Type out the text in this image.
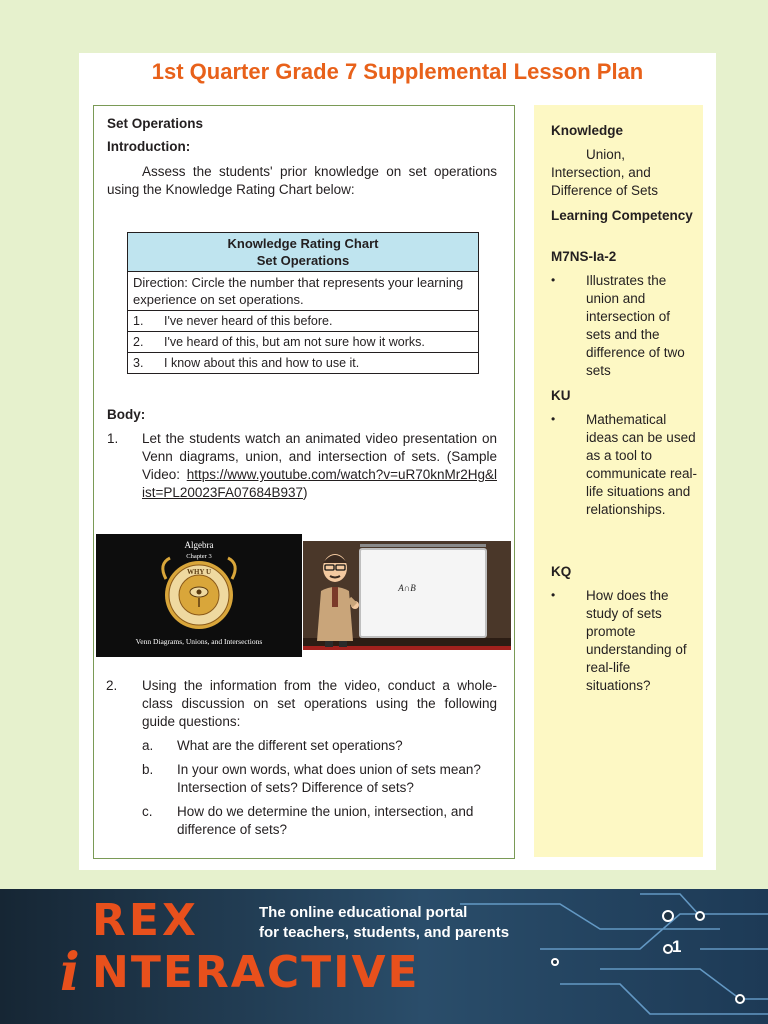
1st Quarter Grade 7 Supplemental Lesson Plan
Set Operations
Introduction:
Assess the students' prior knowledge on set operations using the Knowledge Rating Chart below:
Knowledge Rating Chart
Set Operations
Direction: Circle the number that represents your learning experience on set operations.
1.	I've never heard of this before.
2.	I've heard of this, but am not sure how it works.
3.	I know about this and how to use it.
Body:
1. Let the students watch an animated video presentation on Venn diagrams, union, and intersection of sets. (Sample Video: https://www.youtube.com/watch?v=uR70knMr2Hg&list=PL20023FA07684B937)
Algebra
Chapter 3
WHY U
Venn Diagrams, Unions, and Intersections
A∩B
2. Using the information from the video, conduct a whole-class discussion on set operations using the following guide questions:
a. What are the different set operations?
b. In your own words, what does union of sets mean? Intersection of sets? Difference of sets?
c. How do we determine the union, intersection, and difference of sets?
Knowledge
Union, Intersection, and Difference of Sets
Learning Competency
M7NS-Ia-2
• Illustrates the union and intersection of sets and the difference of two sets
KU
• Mathematical ideas can be used as a tool to communicate real-life situations and relationships.
KQ
• How does the study of sets promote understanding of real-life situations?
REX
i NTERACTIVE
The online educational portal
for teachers, students, and parents
1
